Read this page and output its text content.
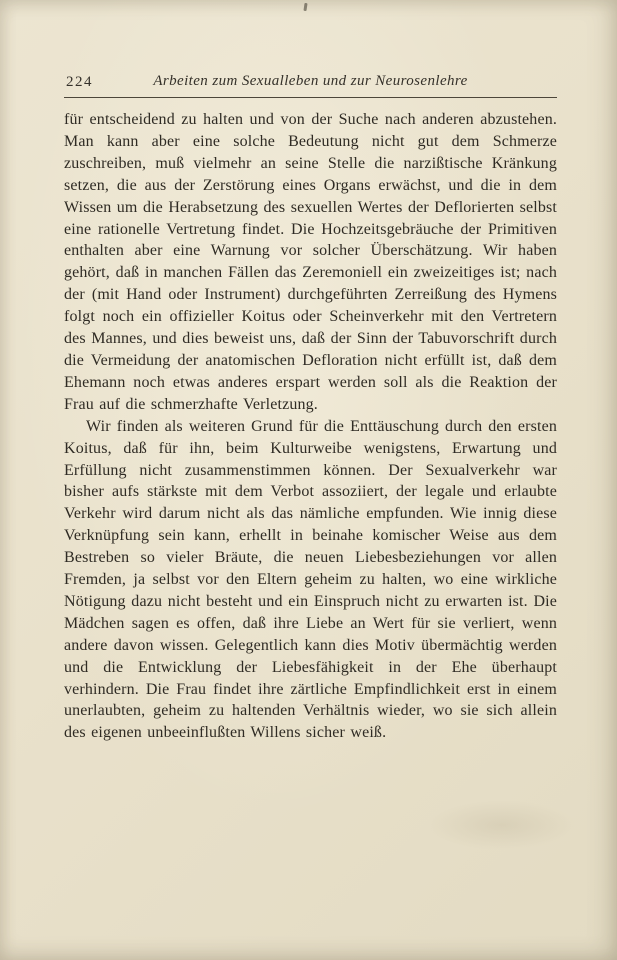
224	Arbeiten zum Sexualleben und zur Neurosenlehre

für entscheidend zu halten und von der Suche nach anderen abzustehen. Man kann aber eine solche Bedeutung nicht gut dem Schmerze zuschreiben, muß vielmehr an seine Stelle die narzißtische Kränkung setzen, die aus der Zerstörung eines Organs erwächst, und die in dem Wissen um die Herabsetzung des sexuellen Wertes der Deflorierten selbst eine rationelle Vertretung findet. Die Hochzeitsgebräuche der Primitiven enthalten aber eine Warnung vor solcher Überschätzung. Wir haben gehört, daß in manchen Fällen das Zeremoniell ein zweizeitiges ist; nach der (mit Hand oder Instrument) durchgeführten Zerreißung des Hymens folgt noch ein offizieller Koitus oder Scheinverkehr mit den Vertretern des Mannes, und dies beweist uns, daß der Sinn der Tabuvorschrift durch die Vermeidung der anatomischen Defloration nicht erfüllt ist, daß dem Ehemann noch etwas anderes erspart werden soll als die Reaktion der Frau auf die schmerzhafte Verletzung.

Wir finden als weiteren Grund für die Enttäuschung durch den ersten Koitus, daß für ihn, beim Kulturweibe wenigstens, Erwartung und Erfüllung nicht zusammenstimmen können. Der Sexualverkehr war bisher aufs stärkste mit dem Verbot assoziiert, der legale und erlaubte Verkehr wird darum nicht als das nämliche empfunden. Wie innig diese Verknüpfung sein kann, erhellt in beinahe komischer Weise aus dem Bestreben so vieler Bräute, die neuen Liebesbeziehungen vor allen Fremden, ja selbst vor den Eltern geheim zu halten, wo eine wirkliche Nötigung dazu nicht besteht und ein Einspruch nicht zu erwarten ist. Die Mädchen sagen es offen, daß ihre Liebe an Wert für sie verliert, wenn andere davon wissen. Gelegentlich kann dies Motiv übermächtig werden und die Entwicklung der Liebesfähigkeit in der Ehe überhaupt verhindern. Die Frau findet ihre zärtliche Empfindlichkeit erst in einem unerlaubten, geheim zu haltenden Verhältnis wieder, wo sie sich allein des eigenen unbeeinflußten Willens sicher weiß.
